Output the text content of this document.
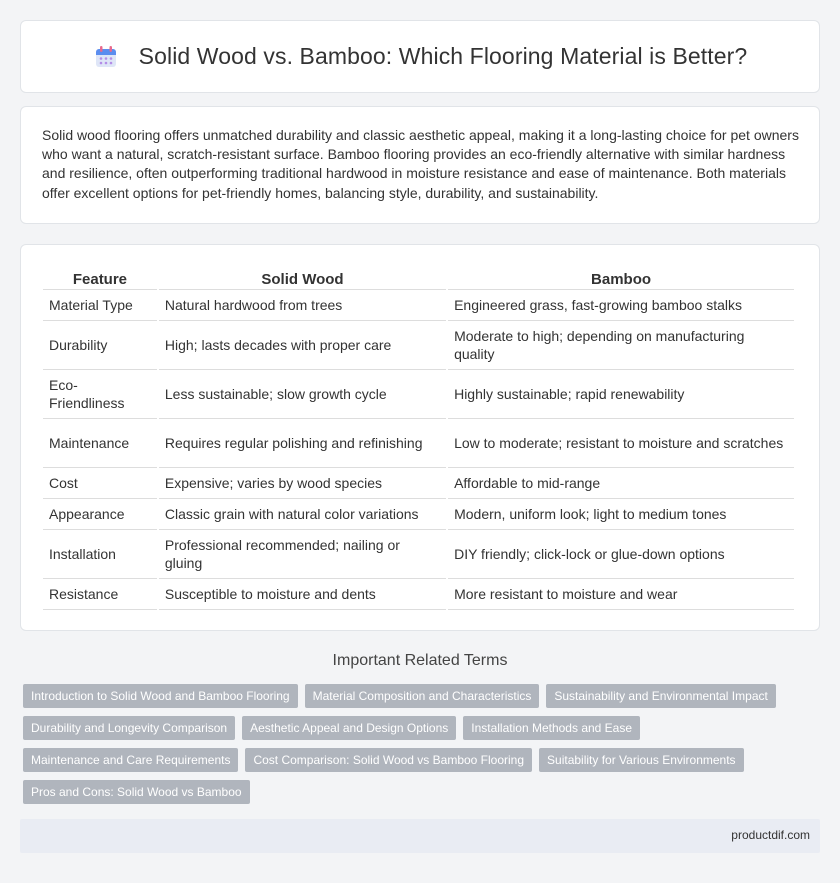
Solid Wood vs. Bamboo: Which Flooring Material is Better?

Solid wood flooring offers unmatched durability and classic aesthetic appeal, making it a long-lasting choice for pet owners who want a natural, scratch-resistant surface. Bamboo flooring provides an eco-friendly alternative with similar hardness and resilience, often outperforming traditional hardwood in moisture resistance and ease of maintenance. Both materials offer excellent options for pet-friendly homes, balancing style, durability, and sustainability.

Feature	Solid Wood	Bamboo
Material Type	Natural hardwood from trees	Engineered grass, fast-growing bamboo stalks
Durability	High; lasts decades with proper care	Moderate to high; depending on manufacturing quality
Eco-Friendliness	Less sustainable; slow growth cycle	Highly sustainable; rapid renewability
Maintenance	Requires regular polishing and refinishing	Low to moderate; resistant to moisture and scratches
Cost	Expensive; varies by wood species	Affordable to mid-range
Appearance	Classic grain with natural color variations	Modern, uniform look; light to medium tones
Installation	Professional recommended; nailing or gluing	DIY friendly; click-lock or glue-down options
Resistance	Susceptible to moisture and dents	More resistant to moisture and wear
Important Related Terms
Introduction to Solid Wood and Bamboo Flooring	Material Composition and Characteristics	Sustainability and Environmental Impact
Durability and Longevity Comparison	Aesthetic Appeal and Design Options	Installation Methods and Ease
Maintenance and Care Requirements	Cost Comparison: Solid Wood vs Bamboo Flooring	Suitability for Various Environments
Pros and Cons: Solid Wood vs Bamboo
productdif.com
